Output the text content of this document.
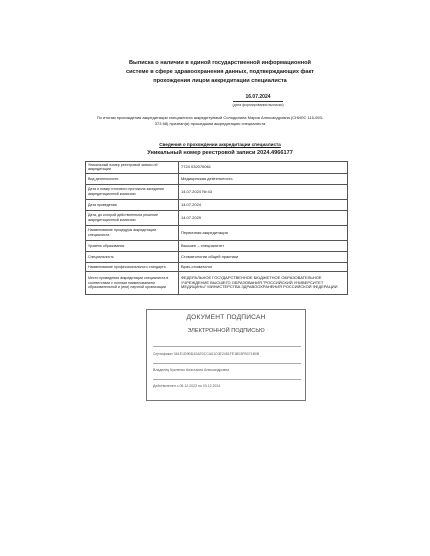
Выписка о наличии в единой государственной информационной
системе в сфере здравоохранения данных, подтверждающих факт
прохождения лицом аккредитации специалиста
16.07.2024
(дата формирования выписки)
По итогам прохождения аккредитации специалиста аккредитуемый Солодилина Мария Александровна (СНИЛС 115-593-
373 68) признан(а) прошедшим аккредитацию специалиста
Сведения о прохождении аккредитации специалиста
Уникальный номер реестровой записи 2024.4966177
Уникальный номер реестровой записи об аккредитации	7724 032076061
Вид деятельности	Медицинская деятельность
Дата и номер итогового протокола заседания аккредитационной комиссии	14.07.2024 № 43
Дата проведения	14.07.2024
Дата, до которой действительна решение аккредитационной комиссии	14.07.2029
Наименование процедуры аккредитации специалиста	Первичная аккредитация
Уровень образования	Высшее – специалитет
Специальность	Стоматология общей практики
Наименование профессионального стандарта	Врач-стоматолог
Место проведения аккредитации специалиста в соответствии с полным наименованием образовательной и (или) научной организации	ФЕДЕРАЛЬНОЕ ГОСУДАРСТВЕННОЕ БЮДЖЕТНОЕ ОБРАЗОВАТЕЛЬНОЕ УЧРЕЖДЕНИЕ ВЫСШЕГО ОБРАЗОВАНИЯ "РОССИЙСКИЙ УНИВЕРСИТЕТ МЕДИЦИНЫ" МИНИСТЕРСТВА ЗДРАВООХРАНЕНИЯ РОССИЙСКОЙ ФЕДЕРАЦИИ
ДОКУМЕНТ ПОДПИСАН
ЭЛЕКТРОННОЙ ПОДПИСЬЮ
Сертификат 361E1D9BD42AE0CCA61C0E2451FE1B03FB071B0B
Владелец Кукленко Анастасия Александровна
Действителен с 05.12.2023 по 03.12.2024
